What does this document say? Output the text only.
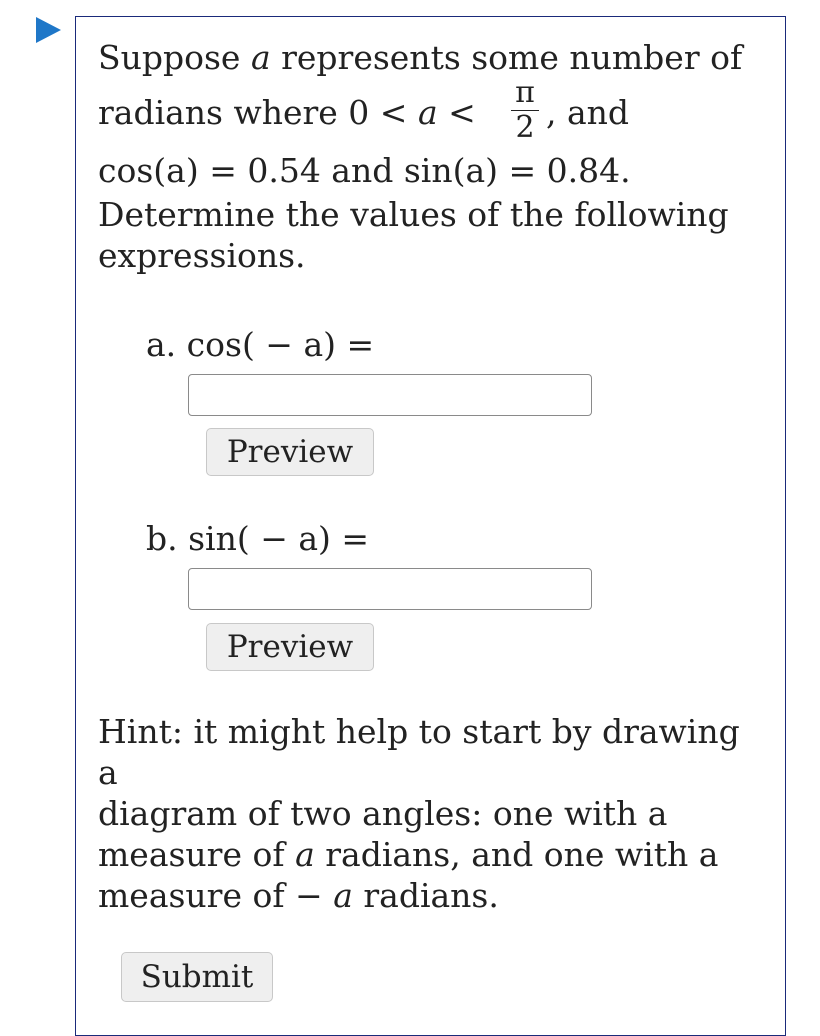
Suppose a represents some number of
radians where 0 < a <
π
2 , and
cos(a) = 0.54 and sin(a) = 0.84.
Determine the values of the following
expressions.
a. cos( − a) =
Preview
b. sin( − a) =
Preview
Hint: it might help to start by drawing a
diagram of two angles: one with a
measure of a radians, and one with a
measure of − a radians.
Submit
